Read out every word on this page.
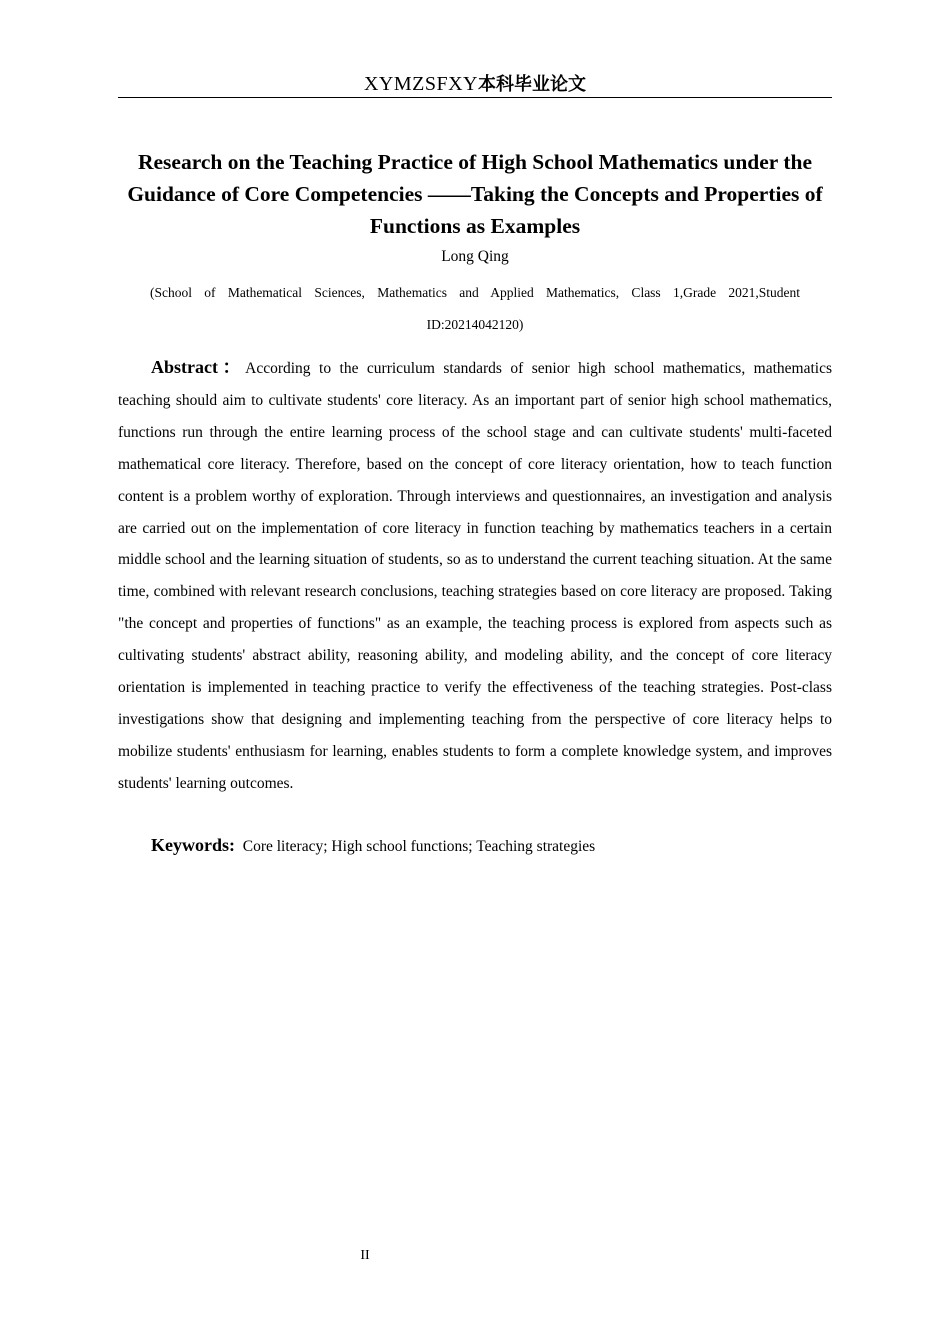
XYMZSFXY本科毕业论文
Research on the Teaching Practice of High School Mathematics under the Guidance of Core Competencies ——Taking the Concepts and Properties of Functions as Examples
Long Qing
(School of Mathematical Sciences, Mathematics and Applied Mathematics, Class 1,Grade 2021,Student ID:20214042120)

Abstract：According to the curriculum standards of senior high school mathematics, mathematics teaching should aim to cultivate students' core literacy. As an important part of senior high school mathematics, functions run through the entire learning process of the school stage and can cultivate students' multi-faceted mathematical core literacy. Therefore, based on the concept of core literacy orientation, how to teach function content is a problem worthy of exploration. Through interviews and questionnaires, an investigation and analysis are carried out on the implementation of core literacy in function teaching by mathematics teachers in a certain middle school and the learning situation of students, so as to understand the current teaching situation. At the same time, combined with relevant research conclusions, teaching strategies based on core literacy are proposed. Taking "the concept and properties of functions" as an example, the teaching process is explored from aspects such as cultivating students' abstract ability, reasoning ability, and modeling ability, and the concept of core literacy orientation is implemented in teaching practice to verify the effectiveness of the teaching strategies. Post-class investigations show that designing and implementing teaching from the perspective of core literacy helps to mobilize students' enthusiasm for learning, enables students to form a complete knowledge system, and improves students' learning outcomes.

Keywords: Core literacy; High school functions; Teaching strategies

II
